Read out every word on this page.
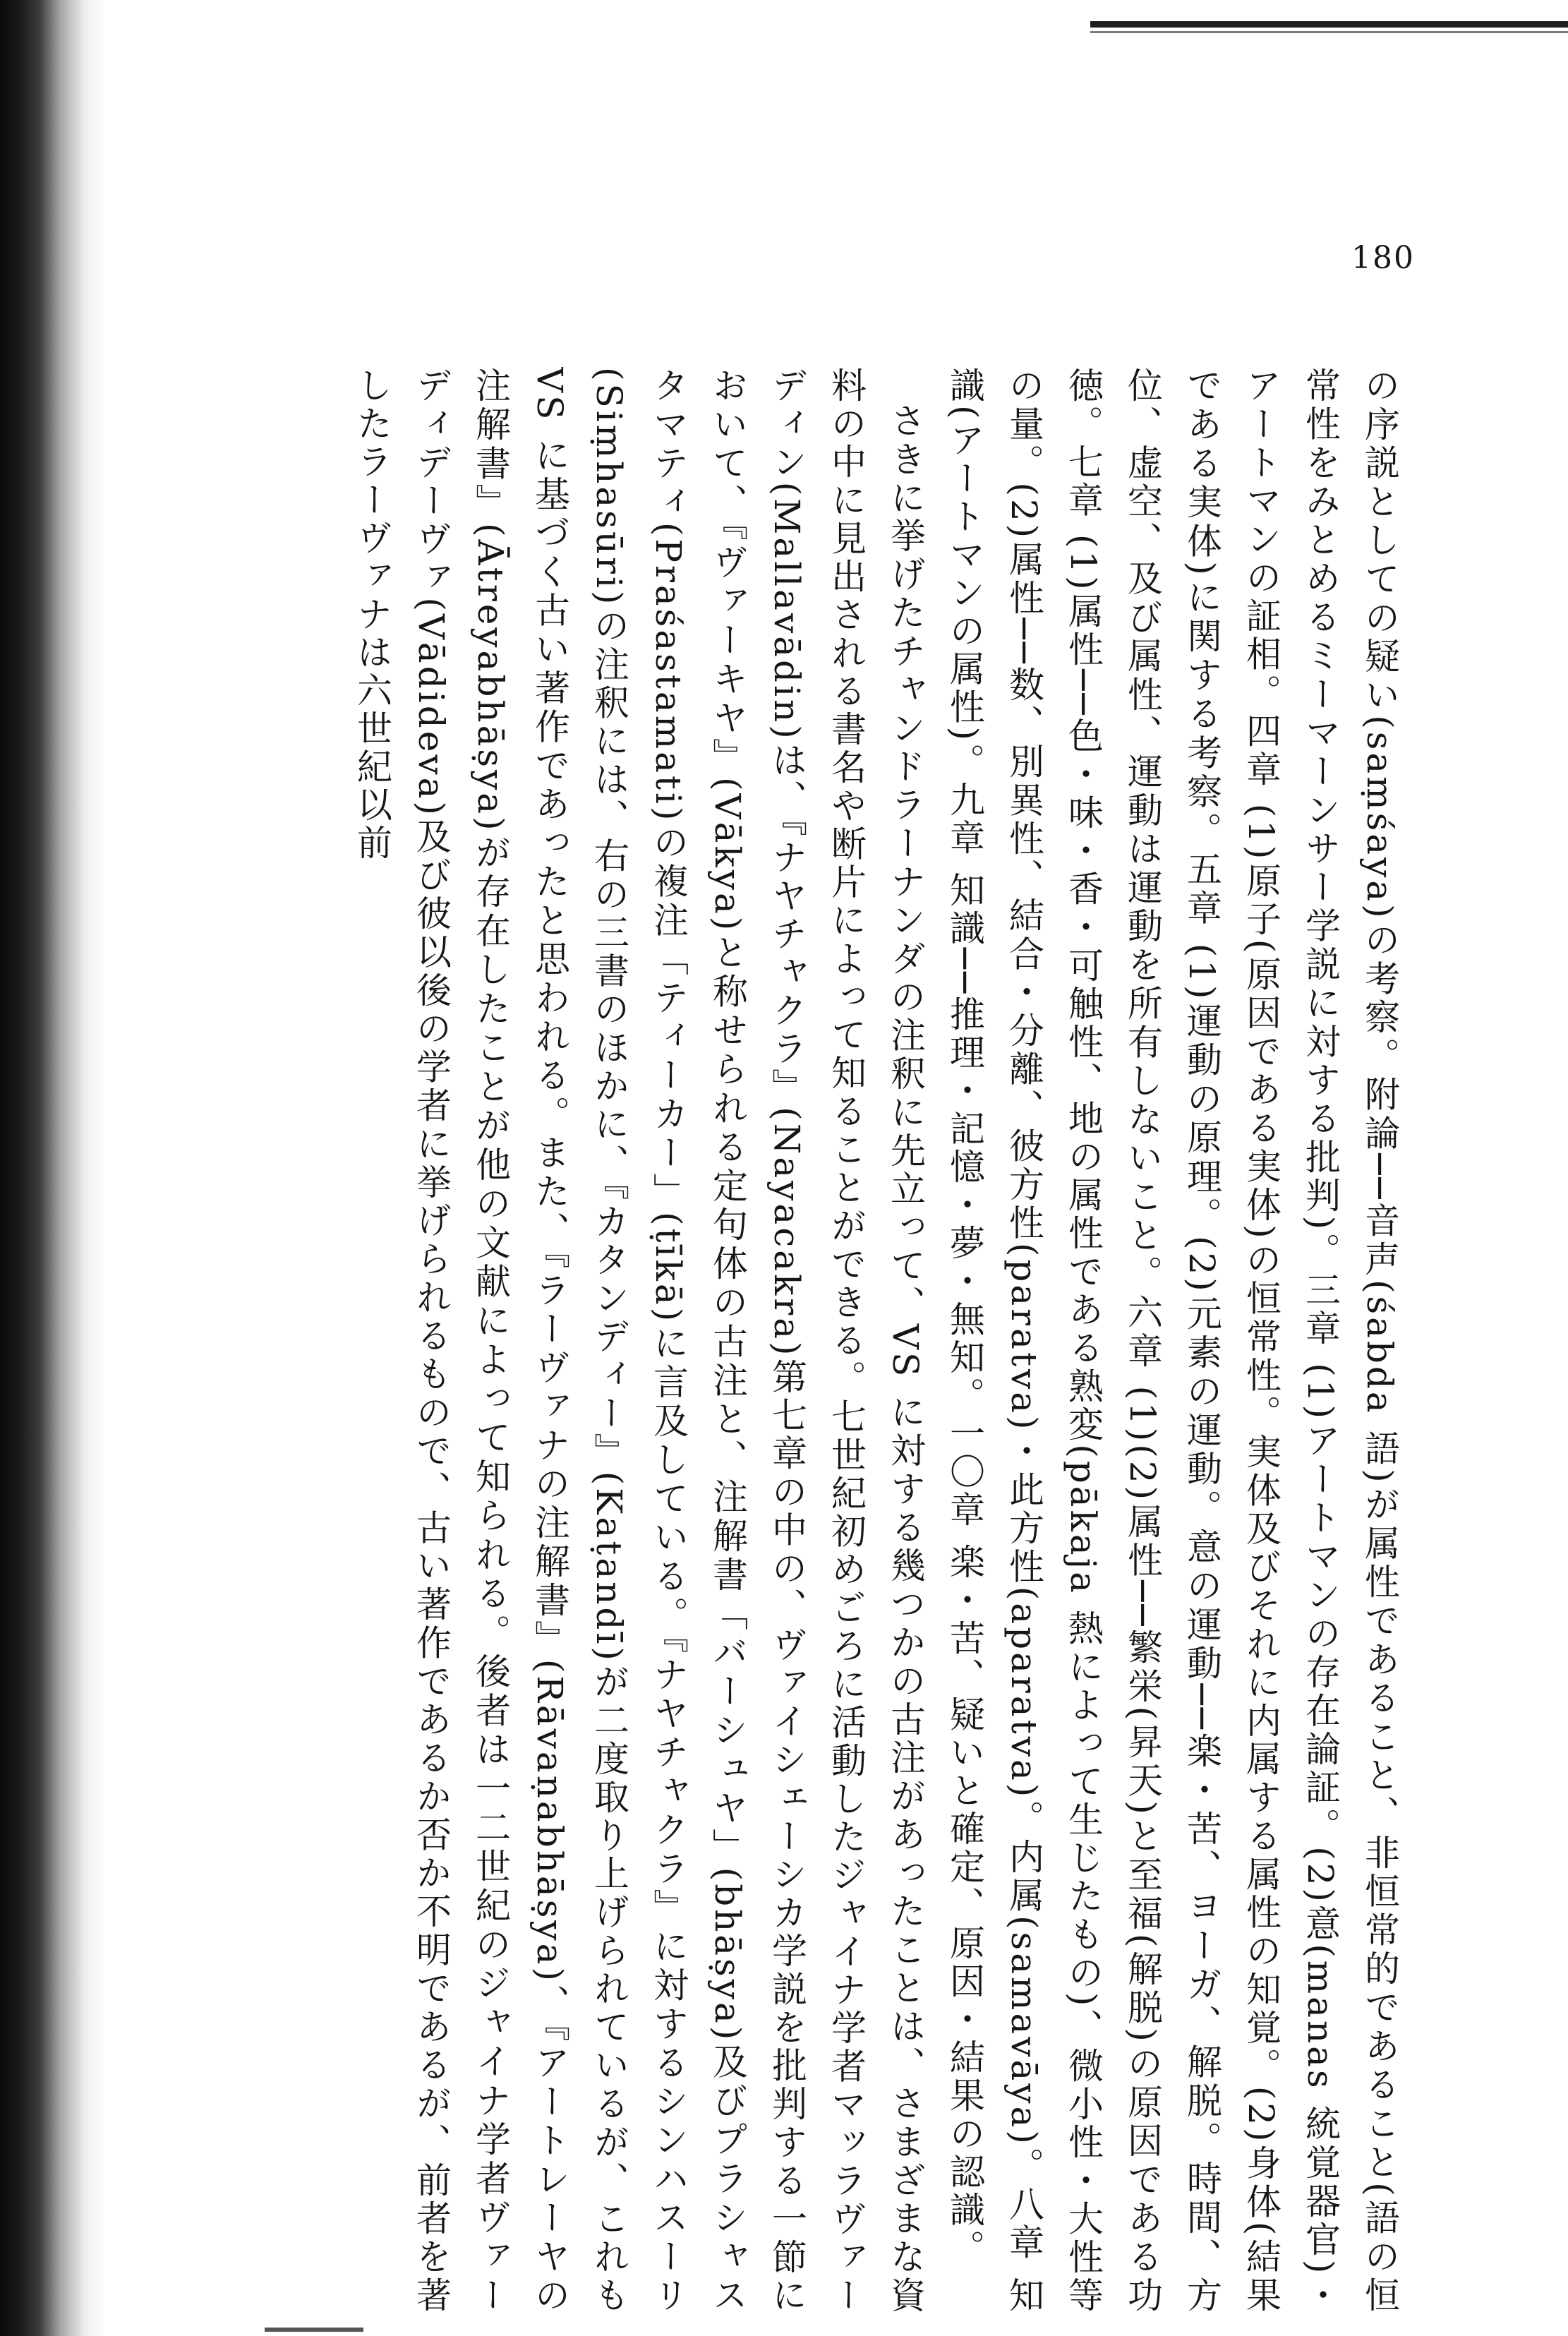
180

の序説としての疑い(saṃśaya)の考察。附論──音声(śabda 語)が属性であること、非恒常的であること(語の恒常性をみとめるミーマーンサー学説に対する批判)。三章 (1)アートマンの存在論証。(2)意(manas 統覚器官)・アートマンの証相。四章 (1)原子(原因である実体)の恒常性。実体及びそれに内属する属性の知覚。(2)身体(結果である実体)に関する考察。五章 (1)運動の原理。(2)元素の運動。意の運動──楽・苦、ヨーガ、解脱。時間、方位、虚空、及び属性、運動は運動を所有しないこと。六章 (1)(2)属性──繁栄(昇天)と至福(解脱)の原因である功徳。七章 (1)属性──色・味・香・可触性、地の属性である熟変(pākaja 熱によって生じたもの)、微小性・大性等の量。(2)属性──数、別異性、結合・分離、彼方性(paratva)・此方性(aparatva)。内属(samavāya)。八章 知識(アートマンの属性)。九章 知識──推理・記憶・夢・無知。一〇章 楽・苦、疑いと確定、原因・結果の認識。

さきに挙げたチャンドラーナンダの注釈に先立って、VS に対する幾つかの古注があったことは、さまざまな資料の中に見出される書名や断片によって知ることができる。七世紀初めごろに活動したジャイナ学者マッラヴァーディン(Mallavādin)は、『ナヤチャクラ』(Nayacakra)第七章の中の、ヴァイシェーシカ学説を批判する一節において、『ヴァーキヤ』(Vākya)と称せられる定句体の古注と、注解書「バーシュヤ」(bhāṣya)及びプラシャスタマティ(Praśastamati)の複注「ティーカー」(ṭīkā)に言及している。『ナヤチャクラ』に対するシンハスーリ(Siṃhasūri)の注釈には、右の三書のほかに、『カタンディー』(Kaṭandī)が二度取り上げられているが、これも VS に基づく古い著作であったと思われる。また、『ラーヴァナの注解書』(Rāvaṇabhāṣya)、『アートレーヤの注解書』(Ātreyabhāṣya)が存在したことが他の文献によって知られる。後者は一二世紀のジャイナ学者ヴァーディデーヴァ(Vādideva)及び彼以後の学者に挙げられるもので、古い著作であるか否か不明であるが、前者を著したラーヴァナは六世紀以前
